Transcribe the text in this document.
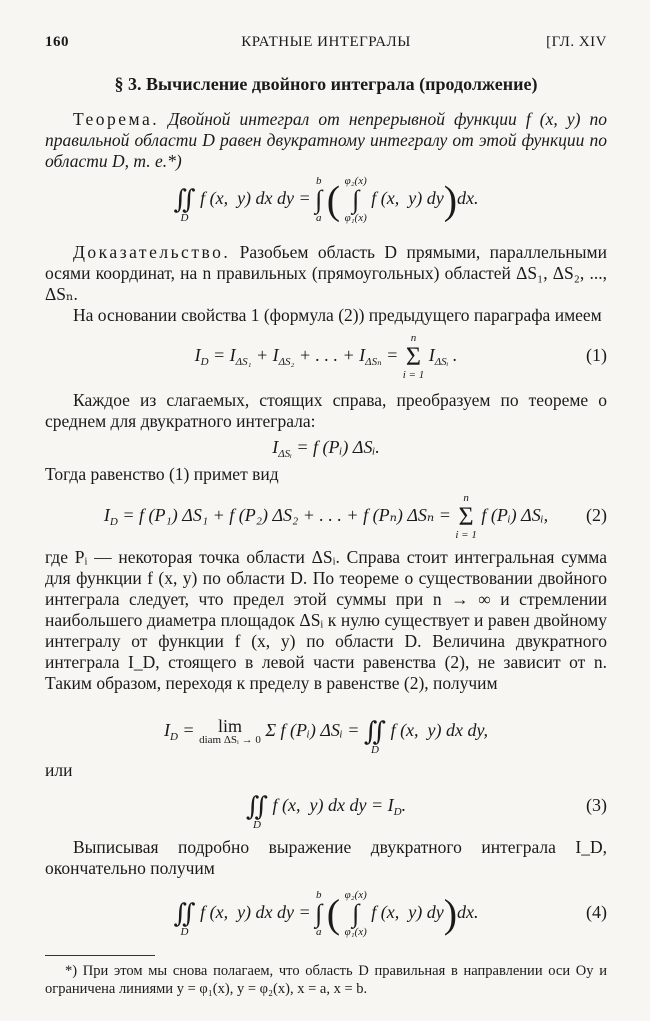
160	КРАТНЫЕ ИНТЕГРАЛЫ	[ГЛ. XIV
§ 3. Вычисление двойного интеграла (продолжение)

Теорема. Двойной интеграл от непрерывной функции f (x, y) по правильной области D равен двукратному интегралу от этой функции по области D, т. е.*)

∬
D
f (x,  y) dx dy =
b
∫
a ( φ₂(x)
∫
φ₁(x)
f (x,  y) dy)dx.

Доказательство. Разобьем область D прямыми, параллельными осями координат, на n правильных (прямоугольных) областей ΔS₁, ΔS₂, ..., ΔSₙ.

На основании свойства 1 (формула (2)) предыдущего параграфа имеем

$I_D = I_{\Delta S_1} + I_{\Delta S_2}$ + . . . + $I_{\Delta S_n}$ =
n
Σ
i = 1
$I_{\Delta Sᵢ}$ .	(1)

Каждое из слагаемых, стоящих справа, преобразуем по теореме о среднем для двукратного интеграла:

$I_{\Delta Sᵢ} = f$ (Pᵢ) ΔSᵢ.

Тогда равенство (1) примет вид

$I_D = f$ (P₁) ΔS₁ + f (P₂) ΔS₂ + . . . + f (Pₙ) ΔSₙ =
n
Σ
i = 1
f (Pᵢ) ΔSᵢ, (2)

где Pᵢ — некоторая точка области ΔSᵢ. Справа стоит интегральная сумма для функции f (x, y) по области D. По теореме о существовании двойного интеграла следует, что предел этой суммы при n → ∞ и стремлении наибольшего диаметра площадок ΔSᵢ к нулю существует и равен двойному интегралу от функции f (x, y) по области D. Величина двукратного интеграла I_D, стоящего в левой части равенства (2), не зависит от n. Таким образом, переходя к пределу в равенстве (2), получим

$I_D$ =	lim
diam ΔSᵢ → 0
Σ f (Pᵢ) ΔSᵢ =
∬
D
f (x,  y) dx dy,

или

∬
D
f (x,  y) dx dy = $I_D$.	(3)

Выписывая подробно выражение двукратного интеграла I_D, окончательно получим

∬
D
f (x,  y) dx dy =
b
∫
a ( φ₂(x)
∫
φ₁(x)
f (x,  y) dy)dx.	(4)

*) При этом мы снова полагаем, что область D правильная в направлении оси Oy и ограничена линиями y = φ₁(x), y = φ₂(x), x = a, x = b.
